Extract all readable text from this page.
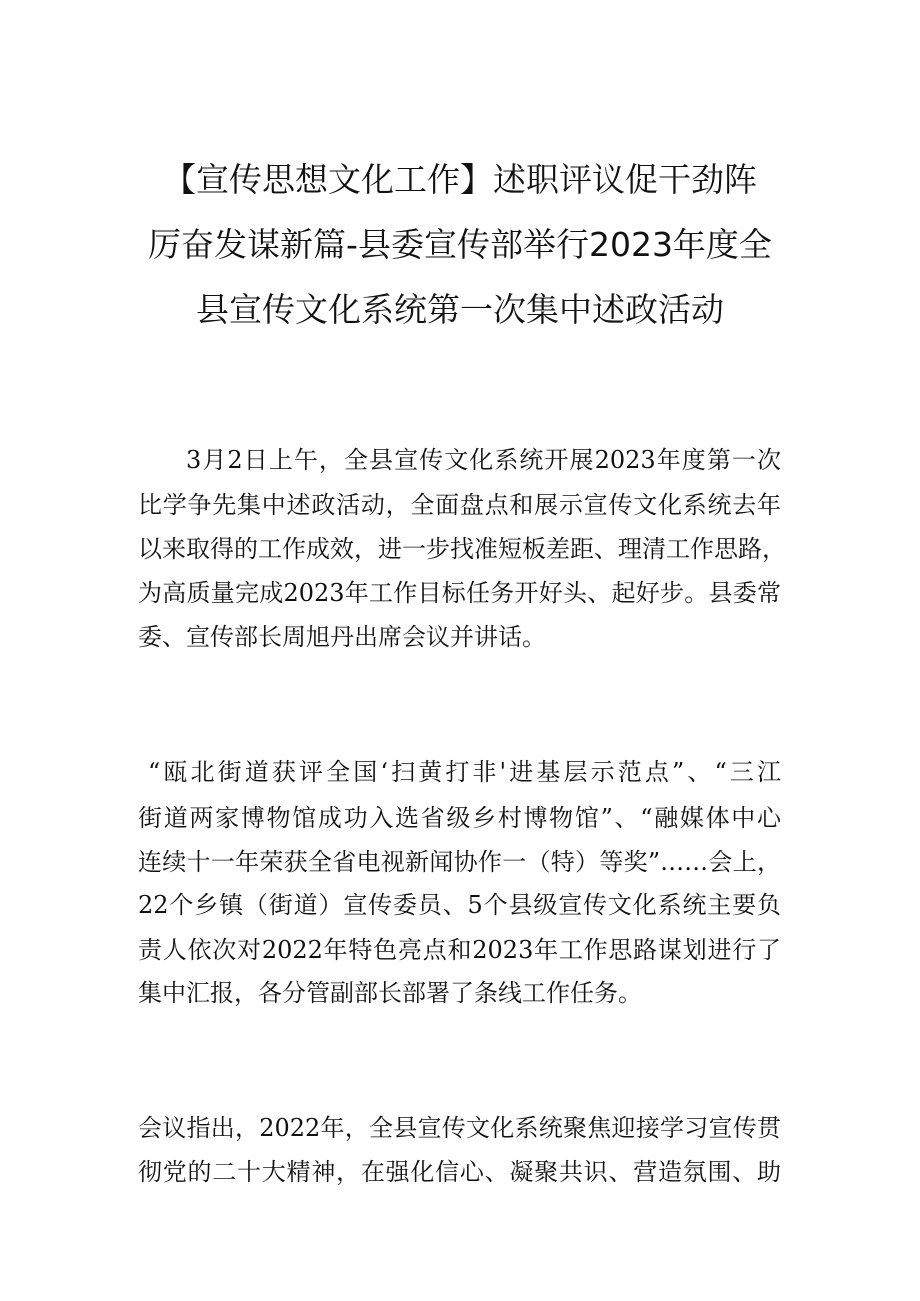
【宣传思想文化工作】述职评议促干劲阵
厉奋发谋新篇-县委宣传部举行2023年度全
县宣传文化系统第一次集中述政活动
3月2日上午，全县宣传文化系统开展2023年度第一次
比学争先集中述政活动，全面盘点和展示宣传文化系统去年
以来取得的工作成效，进一步找准短板差距、理清工作思路，
为高质量完成2023年工作目标任务开好头、起好步。县委常
委、宣传部长周旭丹出席会议并讲话。
“瓯北街道获评全国‘扫黄打非'进基层示范点”、“三江
街道两家博物馆成功入选省级乡村博物馆”、“融媒体中心
连续十一年荣获全省电视新闻协作一（特）等奖”……会上，
22个乡镇（街道）宣传委员、5个县级宣传文化系统主要负
责人依次对2022年特色亮点和2023年工作思路谋划进行了
集中汇报，各分管副部长部署了条线工作任务。
会议指出，2022年，全县宣传文化系统聚焦迎接学习宣传贯
彻党的二十大精神，在强化信心、凝聚共识、营造氛围、助
